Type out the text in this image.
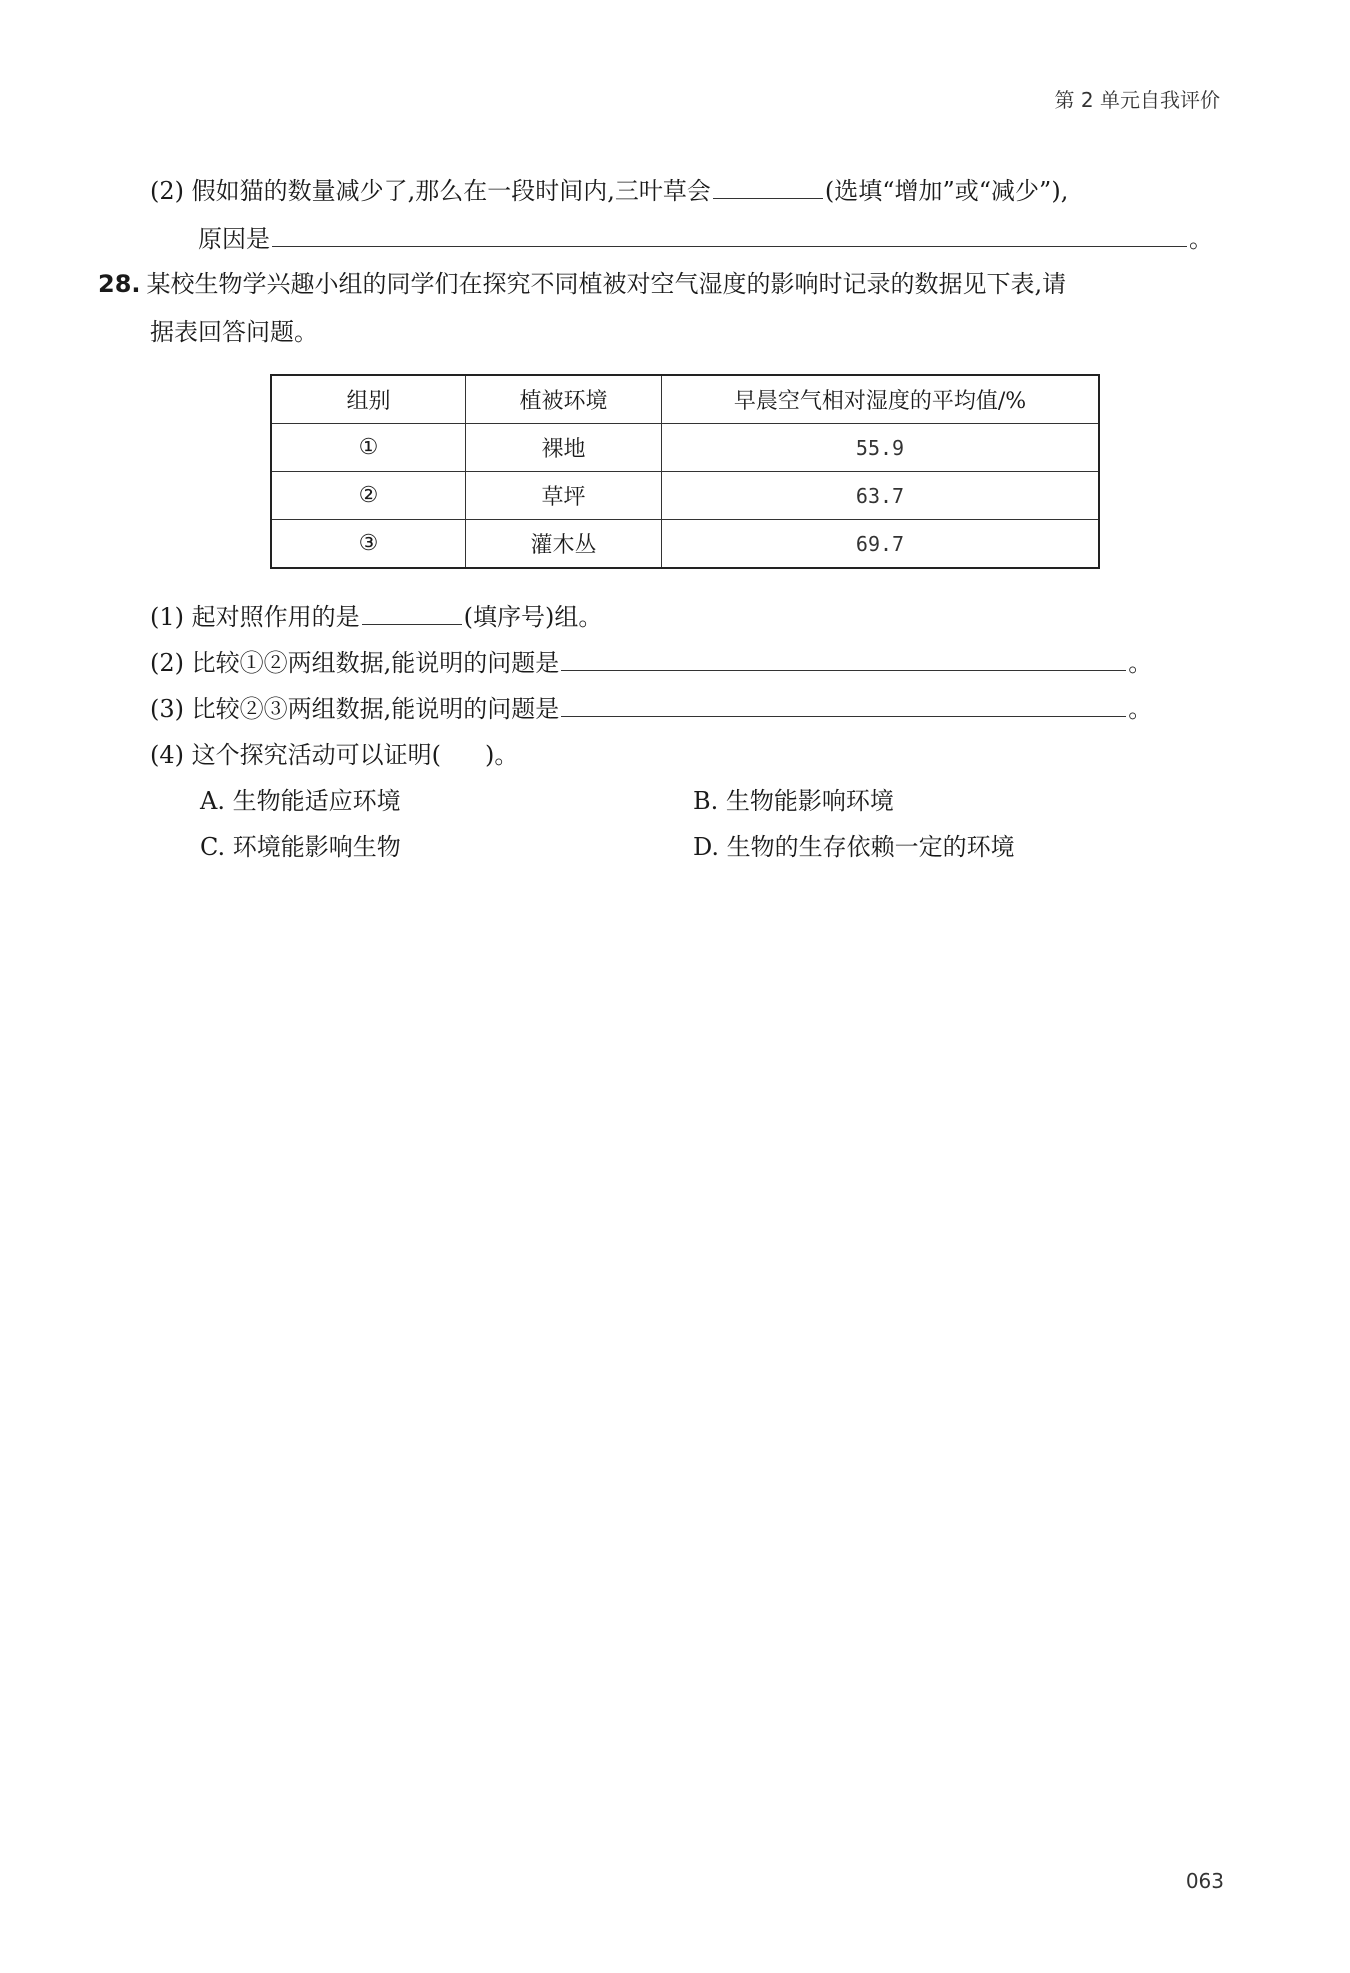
第 2 单元自我评价
(2) 假如猫的数量减少了,那么在一段时间内,三叶草会	(选填“增加”或“减少”),
原因是	。
28. 某校生物学兴趣小组的同学们在探究不同植被对空气湿度的影响时记录的数据见下表,请
据表回答问题。
组别	植被环境	早晨空气相对湿度的平均值/%
①	裸地	55.9
②	草坪	63.7
③	灌木丛	69.7
(1) 起对照作用的是	(填序号)组。
(2) 比较①②两组数据,能说明的问题是	。
(3) 比较②③两组数据,能说明的问题是	。
(4) 这个探究活动可以证明( )。
A. 生物能适应环境	B. 生物能影响环境
C. 环境能影响生物	D. 生物的生存依赖一定的环境
063
